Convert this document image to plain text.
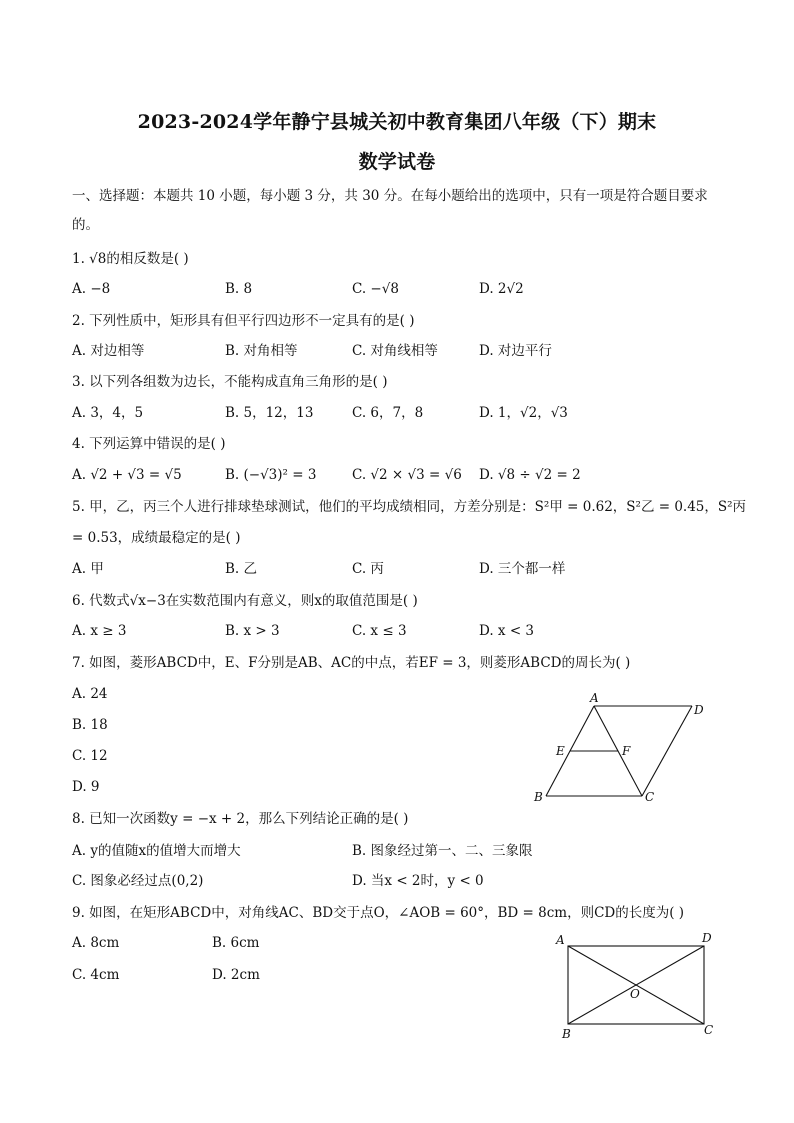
2023-2024学年静宁县城关初中教育集团八年级（下）期末
数学试卷
一、选择题：本题共 10 小题，每小题 3 分，共 30 分。在每小题给出的选项中，只有一项是符合题目要求
的。
1. √8的相反数是( )
A. −8	B. 8	C. −√8	D. 2√2
2. 下列性质中，矩形具有但平行四边形不一定具有的是( )
A. 对边相等	B. 对角相等	C. 对角线相等	D. 对边平行
3. 以下列各组数为边长，不能构成直角三角形的是( )
A. 3，4，5	B. 5，12，13	C. 6，7，8	D. 1，√2，√3
4. 下列运算中错误的是( )
A. √2 + √3 = √5	B. (−√3)² = 3	C. √2 × √3 = √6 D. √8 ÷ √2 = 2
5. 甲，乙，丙三个人进行排球垫球测试，他们的平均成绩相同，方差分别是：S²甲 = 0.62，S²乙 = 0.45，S²丙
= 0.53，成绩最稳定的是( )
A. 甲	B. 乙	C. 丙	D. 三个都一样
6. 代数式√x−3在实数范围内有意义，则x的取值范围是( )
A. x ≥ 3	B. x > 3	C. x ≤ 3	D. x < 3
7. 如图，菱形ABCD中，E、F分别是AB、AC的中点，若EF = 3，则菱形ABCD的周长为( )
A. 24
B. 18
C. 12
D. 9
A
D
E	F
B	C
8. 已知一次函数y = −x + 2，那么下列结论正确的是( )
A. y的值随x的值增大而增大	B. 图象经过第一、二、三象限
C. 图象必经过点(0,2)	D. 当x < 2时，y < 0
9. 如图，在矩形ABCD中，对角线AC、BD交于点O，∠AOB = 60°，BD = 8cm，则CD的长度为( )
A. 8cm	B. 6cm
C. 4cm	D. 2cm
A	D
O
B	C
